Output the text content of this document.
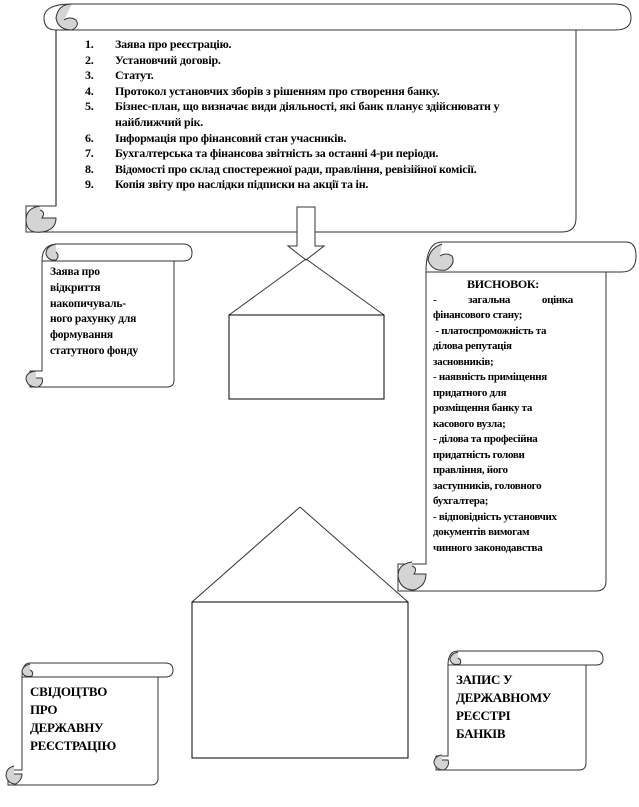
1. Заява про реєстрацію.
2. Установчий договір.
3. Статут.
4. Протокол установчих зборів з рішенням про створення банку.
5. Бізнес-план, що визначає види діяльності, які банк планує здійснювати у найближчий рік.
6. Інформація про фінансовий стан учасників.
7. Бухгалтерська та фінансова звітність за останні 4-ри періоди.
8. Відомості про склад спостережної ради, правління, ревізійної комісії.
9. Копія звіту про наслідки підписки на акції та ін.
Заява про
відкриття
накопичуваль-
ного рахунку для
формування
статутного фонду
ВИСНОВОК:
-	загальна	оцінка
фінансового стану;
- платоспроможність та
ділова репутація
засновників;
- наявність приміщення
придатного для
розміщення банку та
касового вузла;
- ділова та професійна
придатність голови
правління, його
заступників, головного
бухгалтера;
- відповідність установчих
документів вимогам
чинного законодавства
СВІДОЦТВО
ПРО
ДЕРЖАВНУ
РЕЄСТРАЦІЮ
ЗАПИС У
ДЕРЖАВНОМУ
РЕЄСТРІ
БАНКІВ
